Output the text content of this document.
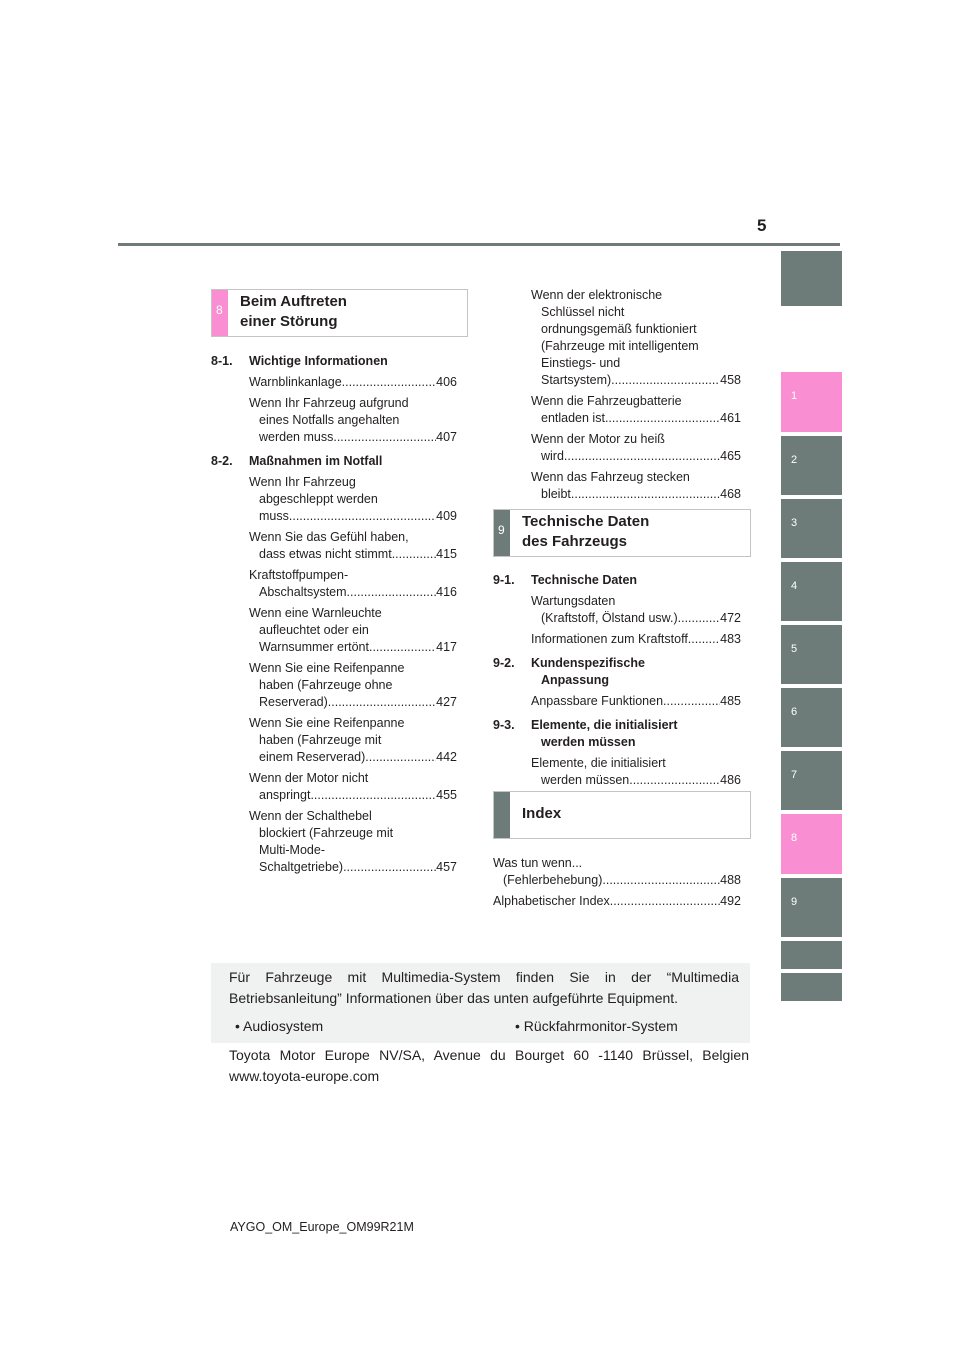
5
1
2
3
4
5
6
7
8
9
8 Beim Auftreten
einer Störung
8-1. Wichtige Informationen
Warnblinkanlage .....	406
Wenn Ihr Fahrzeug aufgrund
eines Notfalls angehalten
werden muss .....	407
8-2. Maßnahmen im Notfall
Wenn Ihr Fahrzeug
abgeschleppt werden
muss .....	409
Wenn Sie das Gefühl haben,
dass etwas nicht stimmt .....	415
Kraftstoffpumpen-
Abschaltsystem .....	416
Wenn eine Warnleuchte
aufleuchtet oder ein
Warnsummer ertönt .....	417
Wenn Sie eine Reifenpanne
haben (Fahrzeuge ohne
Reserverad) .....	427
Wenn Sie eine Reifenpanne
haben (Fahrzeuge mit
einem Reserverad) .....	442
Wenn der Motor nicht
anspringt .....	455
Wenn der Schalthebel
blockiert (Fahrzeuge mit
Multi-Mode-
Schaltgetriebe) .....	457
Wenn der elektronische
Schlüssel nicht
ordnungsgemäß funktioniert
(Fahrzeuge mit intelligentem
Einstiegs- und
Startsystem) .....	458
Wenn die Fahrzeugbatterie
entladen ist .....	461
Wenn der Motor zu heiß
wird .....	465
Wenn das Fahrzeug stecken
bleibt .....	468
9 Technische Daten
des Fahrzeugs
9-1. Technische Daten
Wartungsdaten
(Kraftstoff, Ölstand usw.) .....	472
Informationen zum Kraftstoff .....	483
9-2. Kundenspezifische
Anpassung
Anpassbare Funktionen .....	485
9-3. Elemente, die initialisiert
werden müssen
Elemente, die initialisiert
werden müssen .....	486
Index
Was tun wenn...
(Fehlerbehebung) .....	488
Alphabetischer Index .....	492
Für Fahrzeuge mit Multimedia-System finden Sie in der “Multimedia Betriebsanleitung” Informationen über das unten aufgeführte Equipment.
• Audiosystem	• Rückfahrmonitor-System
Toyota Motor Europe NV/SA, Avenue du Bourget 60 -1140 Brüssel, Belgien www.toyota-europe.com
AYGO_OM_Europe_OM99R21M
